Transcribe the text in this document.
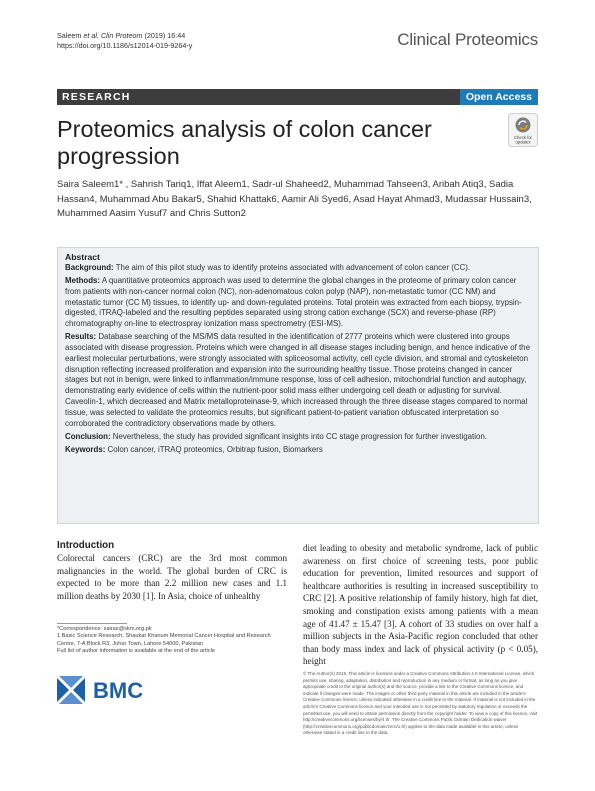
Saleem et al. Clin Proteom (2019) 16:44
https://doi.org/10.1186/s12014-019-9264-y	Clinical Proteomics
Open Access
RESEARCH
Proteomics analysis of colon cancer progression
Check for
updates
Saira Saleem1* , Sahrish Tariq1, Iffat Aleem1, Sadr-ul Shaheed2, Muhammad Tahseen3, Aribah Atiq3, Sadia Hassan4, Muhammad Abu Bakar5, Shahid Khattak6, Aamir Ali Syed6, Asad Hayat Ahmad3, Mudassar Hussain3, Muhammed Aasim Yusuf7 and Chris Sutton2
Abstract

Background: The aim of this pilot study was to identify proteins associated with advancement of colon cancer (CC).

Methods: A quantitative proteomics approach was used to determine the global changes in the proteome of primary colon cancer from patients with non-cancer normal colon (NC), non-adenomatous colon polyp (NAP), non-metastatic tumor (CC NM) and metastatic tumor (CC M) tissues, to identify up- and down-regulated proteins. Total protein was extracted from each biopsy, trypsin-digested, iTRAQ-labeled and the resulting peptides separated using strong cation exchange (SCX) and reverse-phase (RP) chromatography on-line to electrospray ionization mass spectrometry (ESI-MS).

Results: Database searching of the MS/MS data resulted in the identification of 2777 proteins which were clustered into groups associated with disease progression. Proteins which were changed in all disease stages including benign, and hence indicative of the earliest molecular perturbations, were strongly associated with spliceosomal activity, cell cycle division, and stromal and cytoskeleton disruption reflecting increased proliferation and expansion into the surrounding healthy tissue. Those proteins changed in cancer stages but not in benign, were linked to inflammation/immune response, loss of cell adhesion, mitochondrial function and autophagy, demonstrating early evidence of cells within the nutrient-poor solid mass either undergoing cell death or adjusting for survival. Caveolin-1, which decreased and Matrix metalloproteinase-9, which increased through the three disease stages compared to normal tissue, was selected to validate the proteomics results, but significant patient-to-patient variation obfuscated interpretation so corroborated the contradictory observations made by others.

Conclusion: Nevertheless, the study has provided significant insights into CC stage progression for further investigation.

Keywords: Colon cancer, iTRAQ proteomics, Orbitrap fusion, Biomarkers

Introduction
Colorectal cancers (CRC) are the 3rd most common malignancies in the world. The global burden of CRC is expected to be more than 2.2 million new cases and 1.1 million deaths by 2030 [1]. In Asia, choice of unhealthy
diet leading to obesity and metabolic syndrome, lack of public awareness on first choice of screening tests, poor public education for prevention, limited resources and support of healthcare authorities is resulting in increased susceptibility to CRC [2]. A positive relationship of family history, high fat diet, smoking and constipation exists among patients with a mean age of 41.47 ± 15.47 [3]. A cohort of 33 studies on over half a million subjects in the Asia-Pacific region concluded that other than body mass index and lack of physical activity (p < 0.05), height
*Correspondence: sairas@skm.org.pk
1 Basic Science Research, Shaukat Khanum Memorial Cancer Hospital and Research Centre, 7-A Block R3, Johar Town, Lahore 54000, Pakistan
Full list of author information is available at the end of the article
BMC
© The Author(s) 2019. This article is licensed under a Creative Commons Attribution 4.0 International License, which permits use, sharing, adaptation, distribution and reproduction in any medium or format, as long as you give appropriate credit to the original author(s) and the source, provide a link to the Creative Commons licence, and indicate if changes were made. The images or other third party material in this article are included in the article's Creative Commons licence, unless indicated otherwise in a credit line to the material. If material is not included in the article's Creative Commons licence and your intended use is not permitted by statutory regulation or exceeds the permitted use, you will need to obtain permission directly from the copyright holder. To view a copy of this licence, visit http://creativecommons.org/licenses/by/4.0/. The Creative Commons Public Domain Dedication waiver (http://creativecommons.org/publicdomain/zero/1.0/) applies to the data made available in this article, unless otherwise stated in a credit line to the data.
